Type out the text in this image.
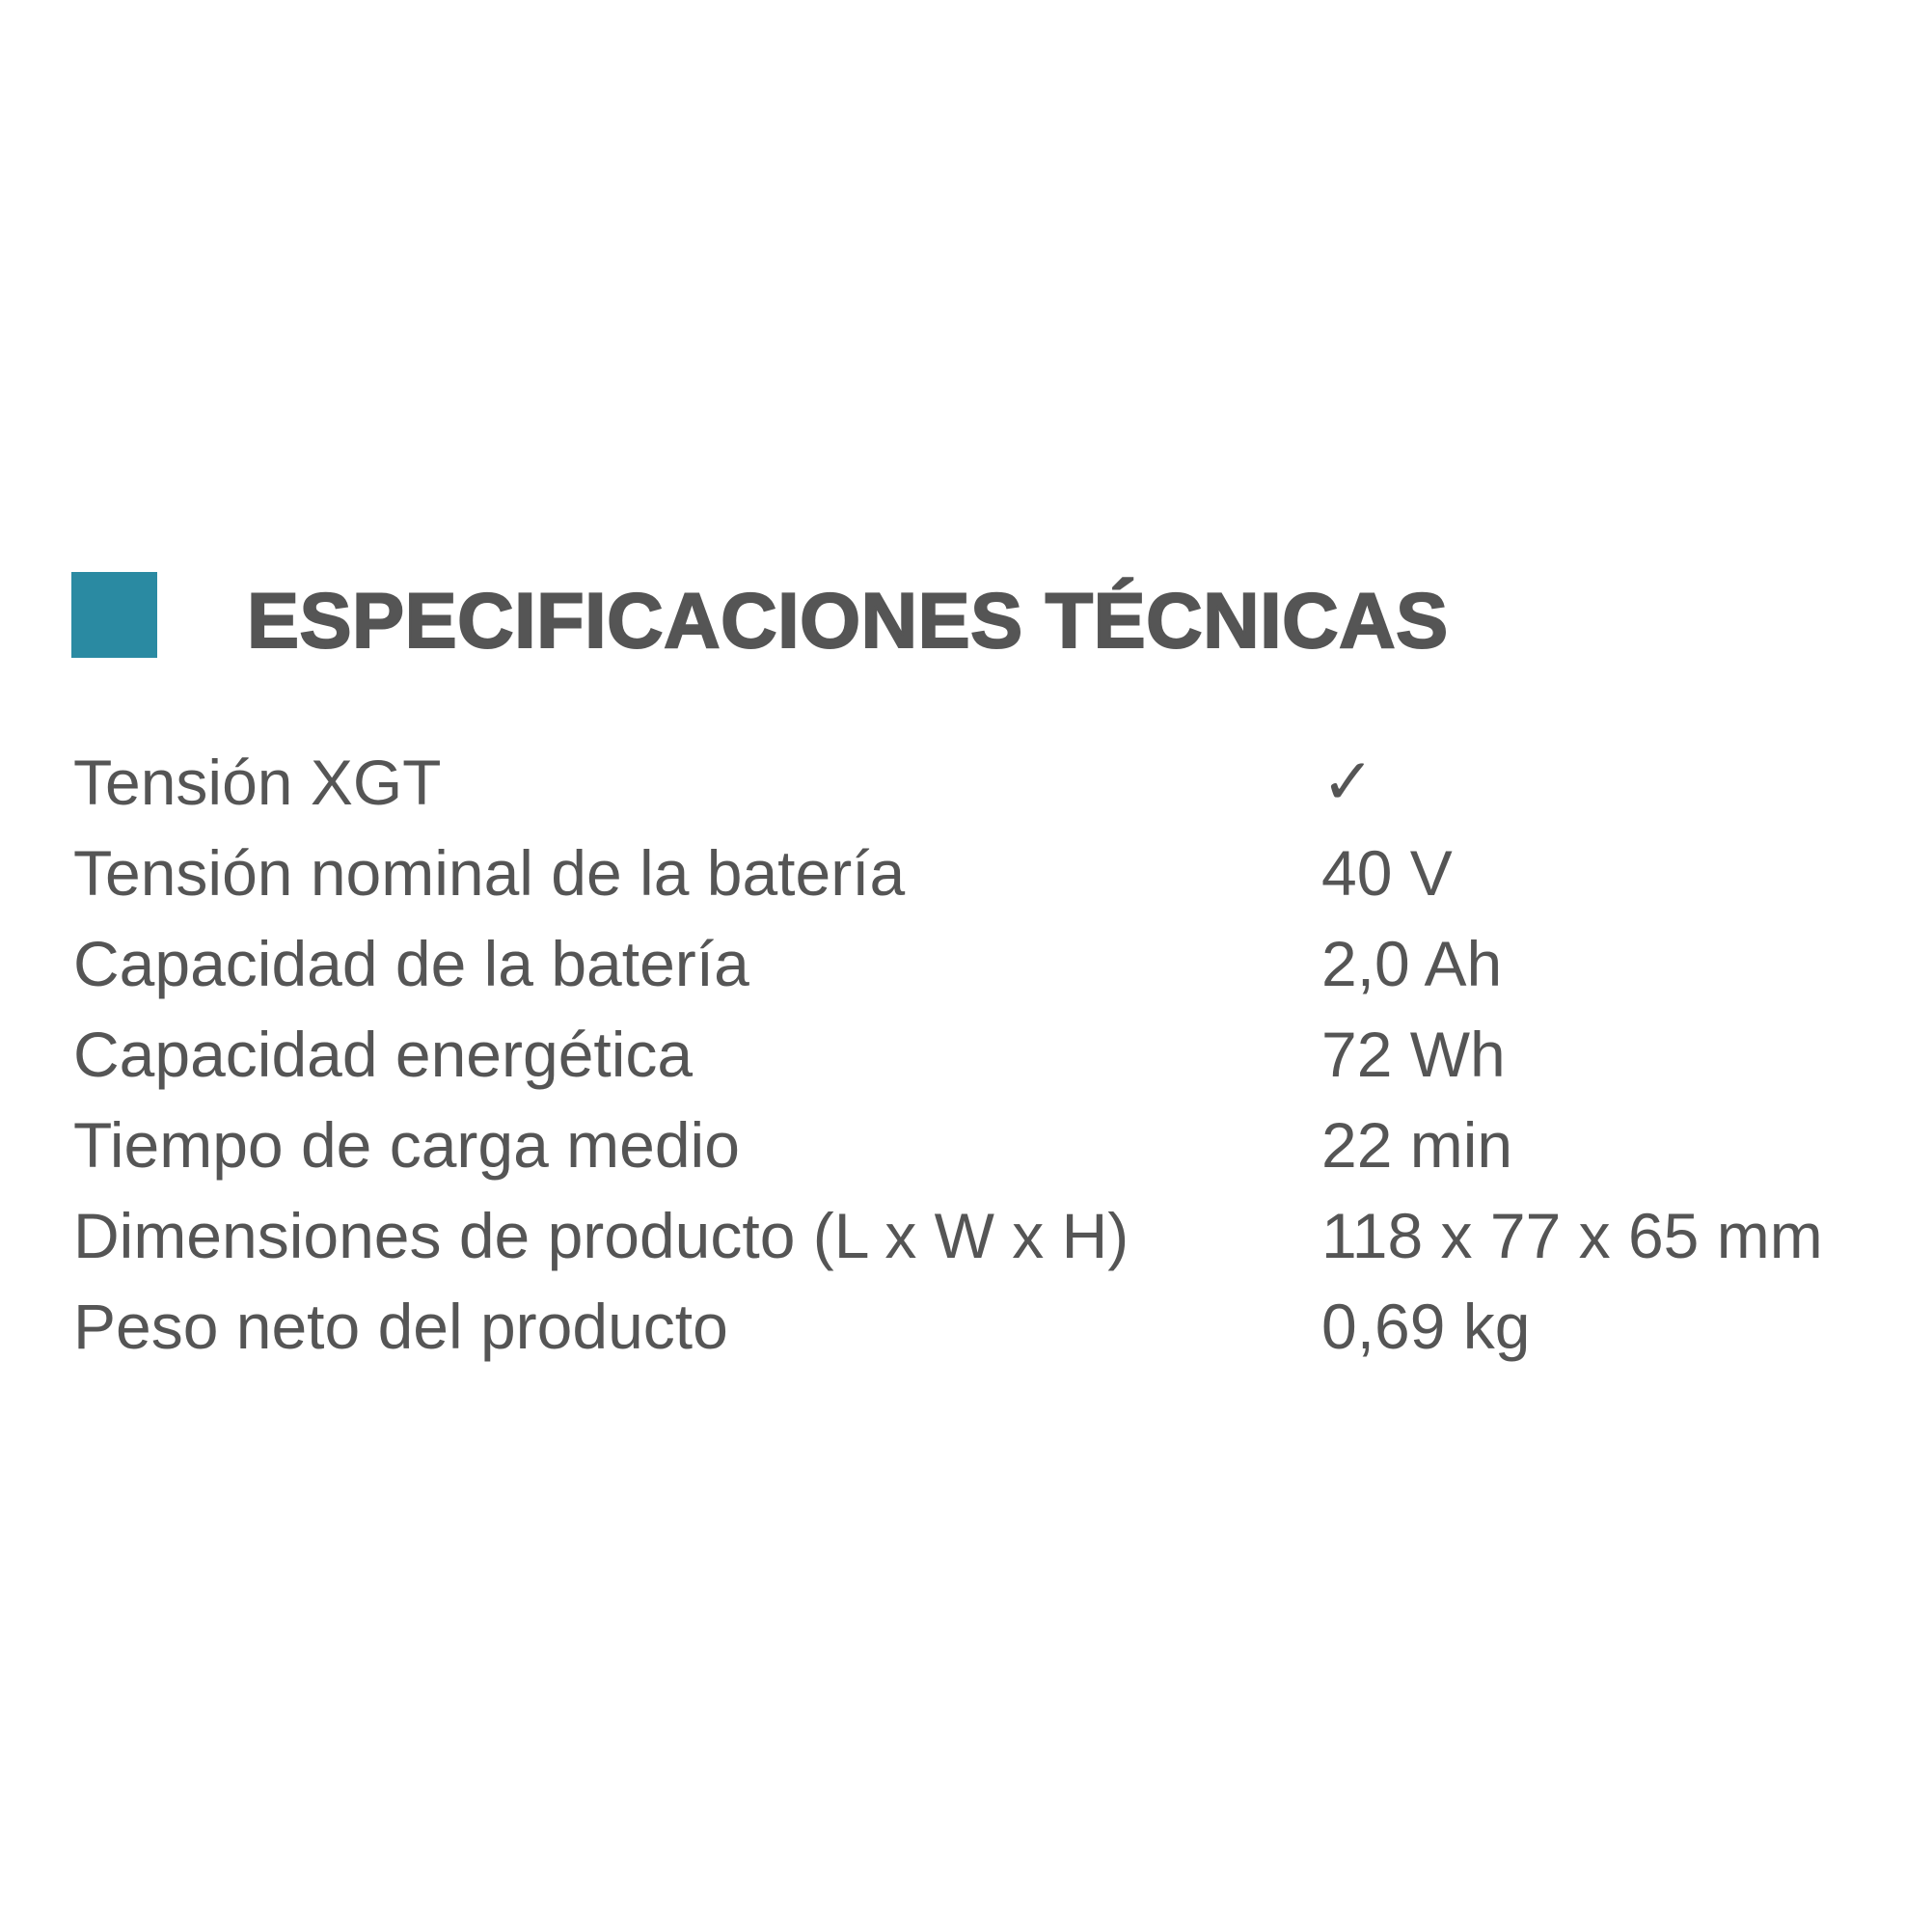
ESPECIFICACIONES TÉCNICAS
Tensión XGT	✓
Tensión nominal de la batería	40 V
Capacidad de la batería	2,0 Ah
Capacidad energética	72 Wh
Tiempo de carga medio	22 min
Dimensiones de producto (L x W x H)	118 x 77 x 65 mm
Peso neto del producto	0,69 kg
